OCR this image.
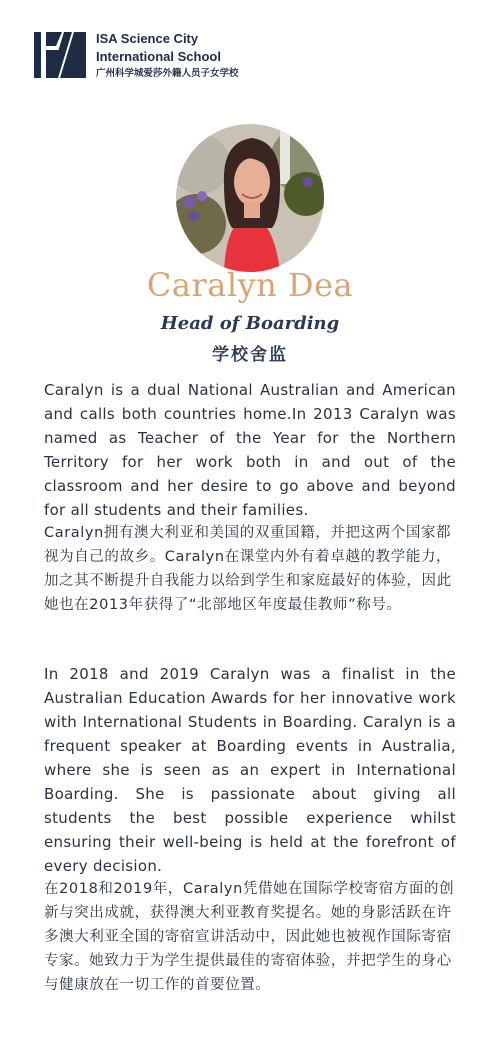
ISA Science City
International School
广州科学城爱莎外籍人员子女学校
Caralyn Dea
Head of Boarding
学校舍监
Caralyn is a dual National Australian and American and calls both countries home.In 2013 Caralyn was named as Teacher of the Year for the Northern Territory for her work both in and out of the classroom and her desire to go above and beyond for all students and their families.
Caralyn拥有澳大利亚和美国的双重国籍，并把这两个国家都视为自己的故乡。Caralyn在课堂内外有着卓越的教学能力，加之其不断提升自我能力以给到学生和家庭最好的体验，因此她也在2013年获得了“北部地区年度最佳教师”称号。
In 2018 and 2019 Caralyn was a finalist in the Australian Education Awards for her innovative work with International Students in Boarding. Caralyn is a frequent speaker at Boarding events in Australia, where she is seen as an expert in International Boarding. She is passionate about giving all students the best possible experience whilst ensuring their well-being is held at the forefront of every decision.
在2018和2019年，Caralyn凭借她在国际学校寄宿方面的创新与突出成就，获得澳大利亚教育奖提名。她的身影活跃在许多澳大利亚全国的寄宿宣讲活动中，因此她也被视作国际寄宿专家。她致力于为学生提供最佳的寄宿体验，并把学生的身心与健康放在一切工作的首要位置。
